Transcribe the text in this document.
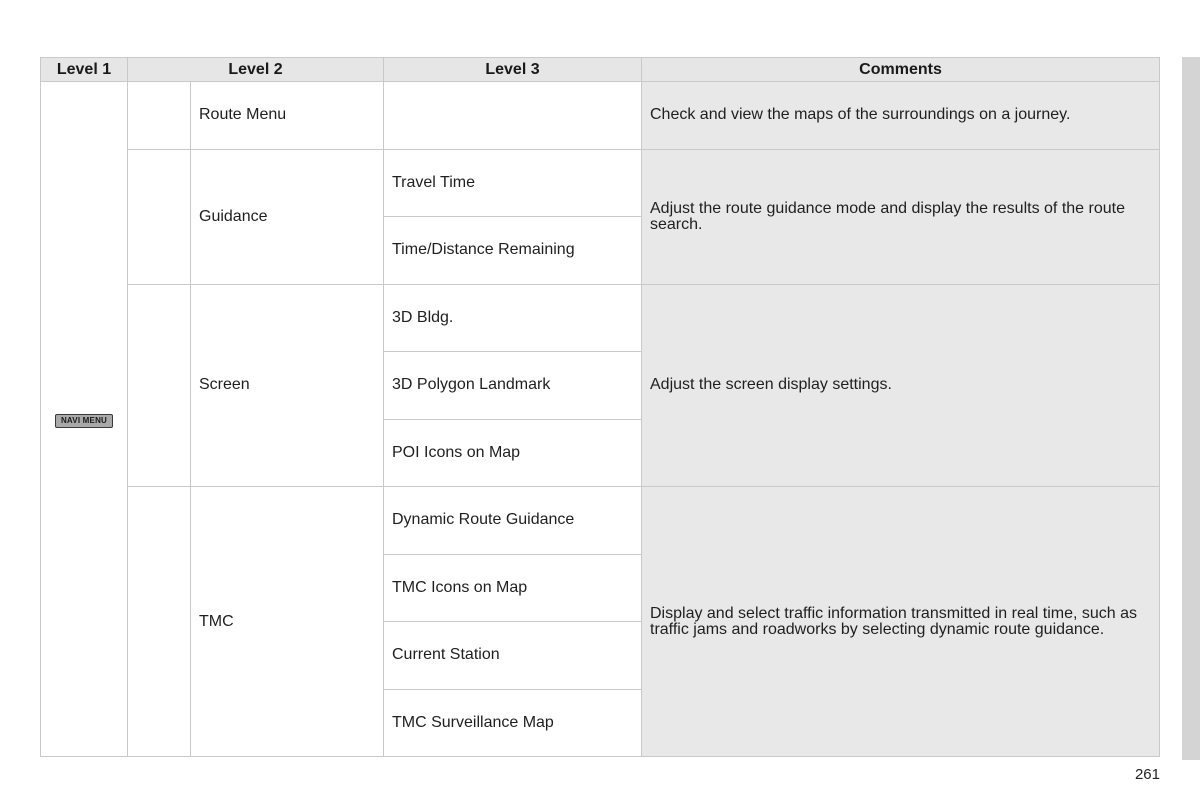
Level 1	Level 2		Level 3	Comments
NAVI MENU		Route Menu		Check and view the maps of the surroundings on a journey.
		Guidance	Travel Time	Adjust the route guidance mode and display the results of the route search.
			Time/Distance Remaining	
		Screen	3D Bldg.	Adjust the screen display settings.
			3D Polygon Landmark	
			POI Icons on Map	
		TMC	Dynamic Route Guidance	Display and select traffic information transmitted in real time, such as traffic jams and roadworks by selecting dynamic route guidance.
			TMC Icons on Map	
			Current Station	
			TMC Surveillance Map	
261
